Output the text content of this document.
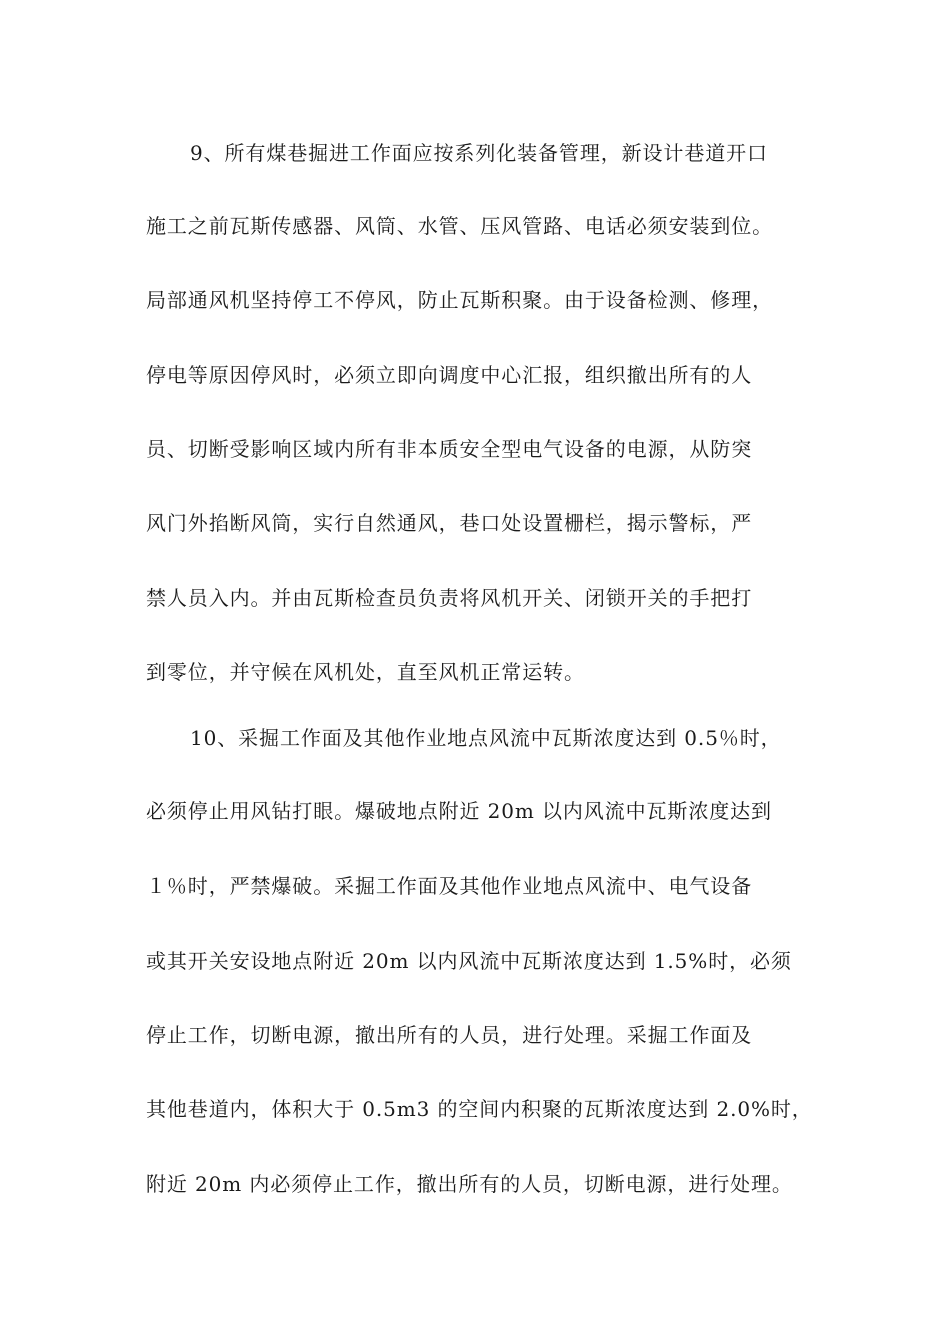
9、所有煤巷掘进工作面应按系列化装备管理，新设计巷道开口
施工之前瓦斯传感器、风筒、水管、压风管路、电话必须安装到位。
局部通风机坚持停工不停风，防止瓦斯积聚。由于设备检测、修理，
停电等原因停风时，必须立即向调度中心汇报，组织撤出所有的人
员、切断受影响区域内所有非本质安全型电气设备的电源，从防突
风门外掐断风筒，实行自然通风，巷口处设置栅栏，揭示警标，严
禁人员入内。并由瓦斯检查员负责将风机开关、闭锁开关的手把打
到零位，并守候在风机处，直至风机正常运转。
10、采掘工作面及其他作业地点风流中瓦斯浓度达到 0.5％时，
必须停止用风钻打眼。爆破地点附近 20m 以内风流中瓦斯浓度达到
１％时，严禁爆破。采掘工作面及其他作业地点风流中、电气设备
或其开关安设地点附近 20m 以内风流中瓦斯浓度达到 1.5%时，必须
停止工作，切断电源，撤出所有的人员，进行处理。采掘工作面及
其他巷道内，体积大于 0.5m3 的空间内积聚的瓦斯浓度达到 2.0%时，
附近 20m 内必须停止工作，撤出所有的人员，切断电源，进行处理。
